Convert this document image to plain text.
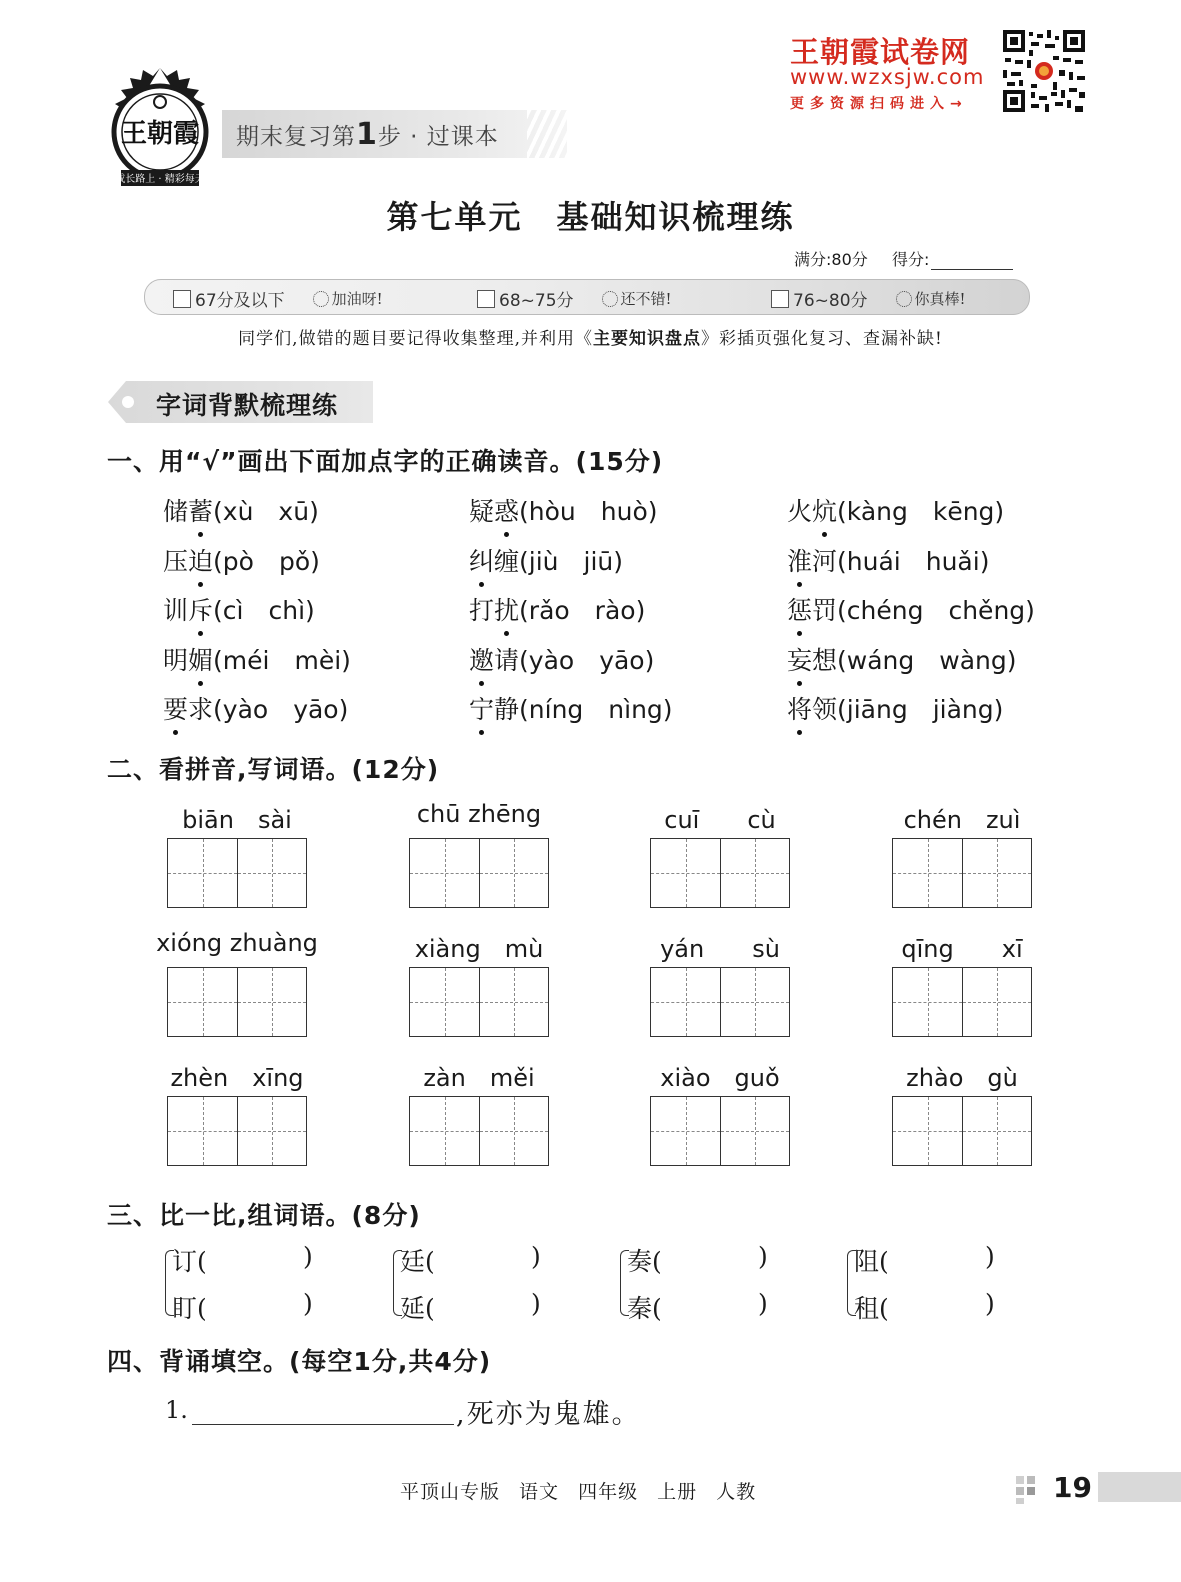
王朝霞
成长路上 · 精彩每天
期末复习第1步 · 过课本
王朝霞试卷网
www.wzxsjw.com
更多资源扫码进入→
第七单元　基础知识梳理练
满分:80分 得分:
67分及以下	加油呀!	68~75分	还不错!	76~80分	你真棒!
同学们,做错的题目要记得收集整理,并利用《主要知识盘点》彩插页强化复习、查漏补缺!
字词背默梳理练
一、用“√”画出下面加点字的正确读音。(15分)
储蓄(xù　xū)	疑惑(hòu　huò)	火炕(kàng　kēng)
压迫(pò　pǒ)	纠缠(jiù　jiū)	淮河(huái　huǎi)
训斥(cì　chì)	打扰(rǎo　rào)	惩罚(chéng　chěng)
明媚(méi　mèi)	邀请(yào　yāo)	妄想(wáng　wàng)
要求(yào　yāo)	宁静(níng　nìng)	将领(jiāng　jiàng)
二、看拼音,写词语。(12分)
biān　sài	chū zhēng	cuī　　cù	chén　zuì
xióng zhuàng	xiàng　mù	yán　　sù	qīng　　xī
zhèn　xīng	zàn　měi	xiào　guǒ	zhào　gù
三、比一比,组词语。(8分)
订(	)
盯(	)
廷(	)
延(	)
奏(	)
秦(	)
阻(	)
租(	)
四、背诵填空。(每空1分,共4分)
1.	,死亦为鬼雄。
平顶山专版 语文 四年级 上册 人教	19
